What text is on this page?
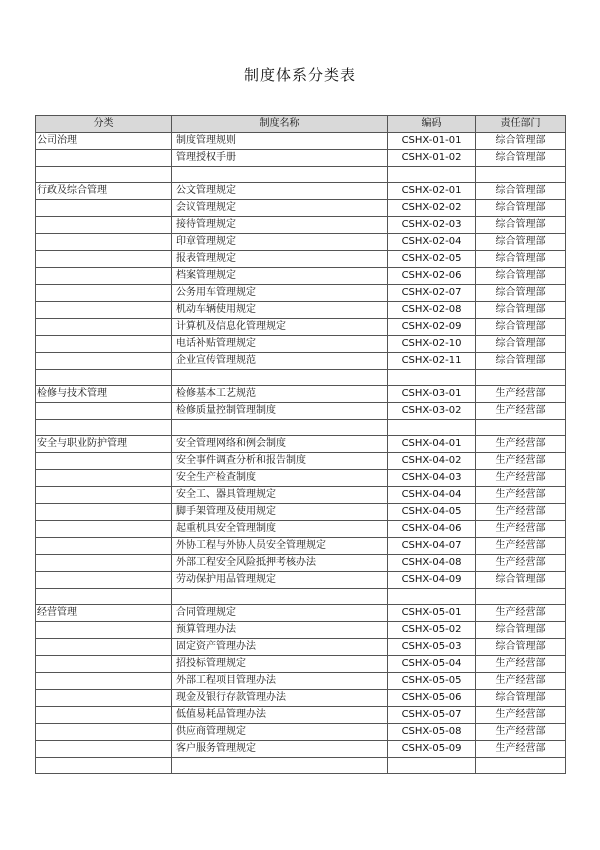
制度体系分类表
分类	制度名称	编码	责任部门
公司治理	制度管理规则	CSHX-01-01	综合管理部
	管理授权手册	CSHX-01-02	综合管理部

行政及综合管理	公文管理规定	CSHX-02-01	综合管理部
	会议管理规定	CSHX-02-02	综合管理部
	接待管理规定	CSHX-02-03	综合管理部
	印章管理规定	CSHX-02-04	综合管理部
	报表管理规定	CSHX-02-05	综合管理部
	档案管理规定	CSHX-02-06	综合管理部
	公务用车管理规定	CSHX-02-07	综合管理部
	机动车辆使用规定	CSHX-02-08	综合管理部
	计算机及信息化管理规定	CSHX-02-09	综合管理部
	电话补贴管理规定	CSHX-02-10	综合管理部
	企业宣传管理规范	CSHX-02-11	综合管理部

检修与技术管理	检修基本工艺规范	CSHX-03-01	生产经营部
	检修质量控制管理制度	CSHX-03-02	生产经营部

安全与职业防护管理	安全管理网络和例会制度	CSHX-04-01	生产经营部
	安全事件调查分析和报告制度	CSHX-04-02	生产经营部
	安全生产检查制度	CSHX-04-03	生产经营部
	安全工、器具管理规定	CSHX-04-04	生产经营部
	脚手架管理及使用规定	CSHX-04-05	生产经营部
	起重机具安全管理制度	CSHX-04-06	生产经营部
	外协工程与外协人员安全管理规定	CSHX-04-07	生产经营部
	外部工程安全风险抵押考核办法	CSHX-04-08	生产经营部
	劳动保护用品管理规定	CSHX-04-09	综合管理部

经营管理	合同管理规定	CSHX-05-01	生产经营部
	预算管理办法	CSHX-05-02	综合管理部
	固定资产管理办法	CSHX-05-03	综合管理部
	招投标管理规定	CSHX-05-04	生产经营部
	外部工程项目管理办法	CSHX-05-05	生产经营部
	现金及银行存款管理办法	CSHX-05-06	综合管理部
	低值易耗品管理办法	CSHX-05-07	生产经营部
	供应商管理规定	CSHX-05-08	生产经营部
	客户服务管理规定	CSHX-05-09	生产经营部
